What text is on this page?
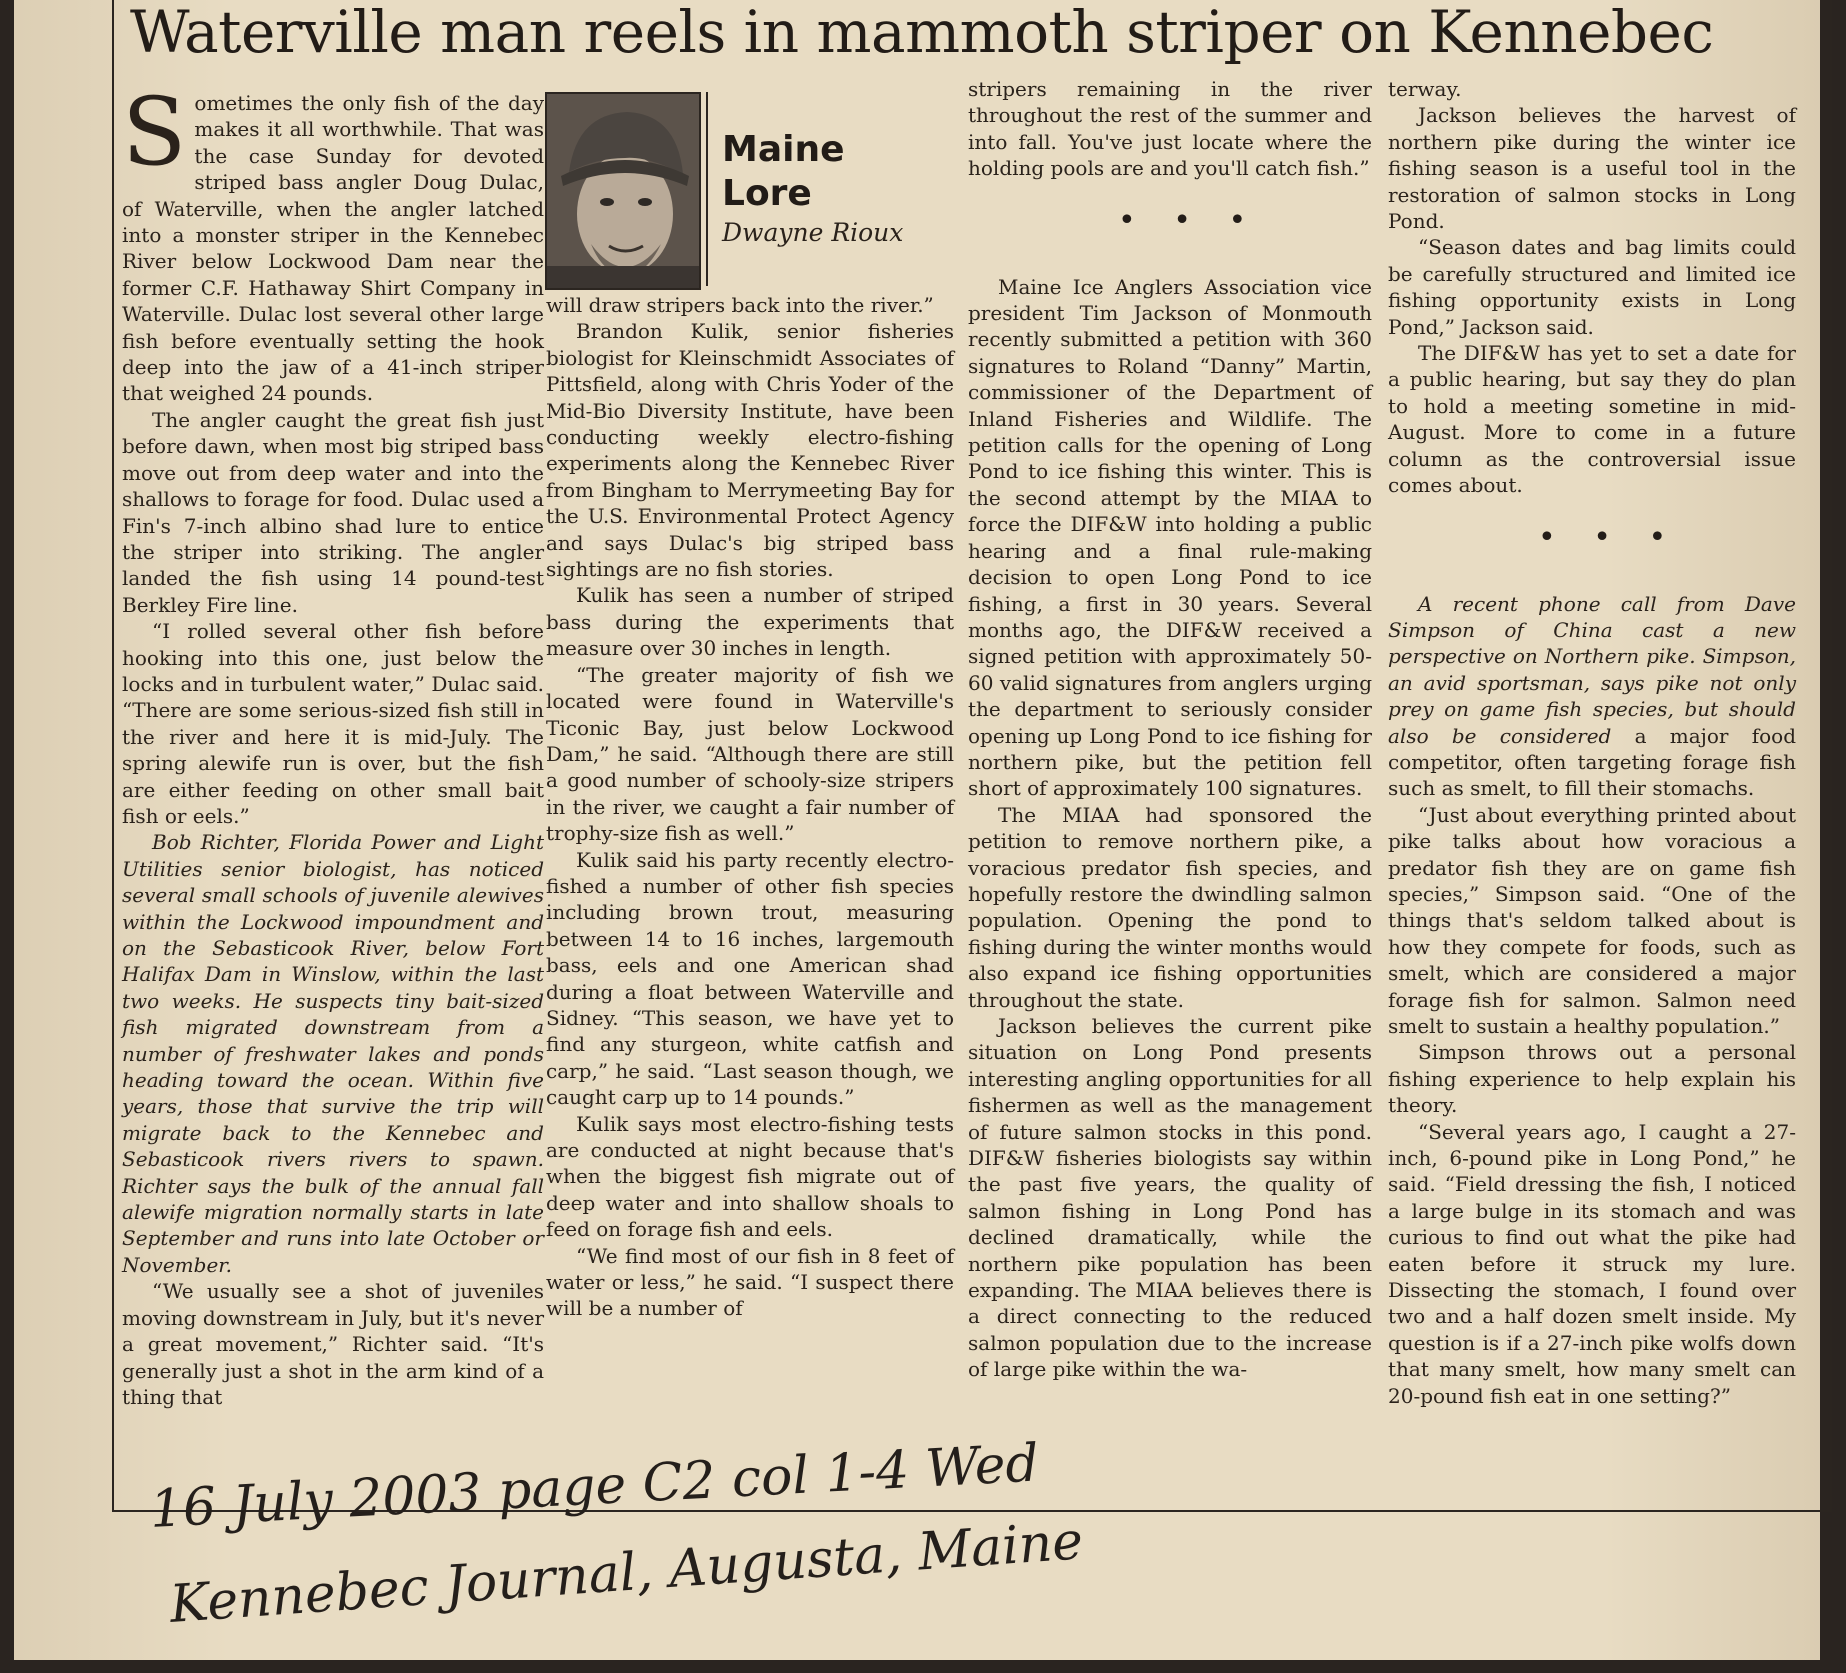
Waterville man reels in mammoth striper on Kennebec

Sometimes the only fish of the day makes it all worthwhile. That was the case Sunday for devoted striped bass angler Doug Dulac, of Waterville, when the angler latched into a monster striper in the Kennebec River below Lockwood Dam near the former C.F. Hathaway Shirt Company in Waterville. Dulac lost several other large fish before eventually setting the hook deep into the jaw of a 41-inch striper that weighed 24 pounds.

The angler caught the great fish just before dawn, when most big striped bass move out from deep water and into the shallows to forage for food. Dulac used a Fin's 7-inch albino shad lure to entice the striper into striking. The angler landed the fish using 14 pound-test Berkley Fire line.

“I rolled several other fish before hooking into this one, just below the locks and in turbulent water,” Dulac said. “There are some serious-sized fish still in the river and here it is mid-July. The spring alewife run is over, but the fish are either feeding on other small bait fish or eels.”

Bob Richter, Florida Power and Light Utilities senior biologist, has noticed several small schools of juvenile alewives within the Lockwood impoundment and on the Sebasticook River, below Fort Halifax Dam in Winslow, within the last two weeks. He suspects tiny bait-sized fish migrated downstream from a number of freshwater lakes and ponds heading toward the ocean. Within five years, those that survive the trip will migrate back to the Kennebec and Sebasticook rivers rivers to spawn. Richter says the bulk of the annual fall alewife migration normally starts in late September and runs into late October or November.

“We usually see a shot of juveniles moving downstream in July, but it's never a great movement,” Richter said. “It's generally just a shot in the arm kind of a thing that

Maine
Lore
Dwayne Rioux

will draw stripers back into the river.”

Brandon Kulik, senior fisheries biologist for Kleinschmidt Associates of Pittsfield, along with Chris Yoder of the Mid-Bio Diversity Institute, have been conducting weekly electro-fishing experiments along the Kennebec River from Bingham to Merrymeeting Bay for the U.S. Environmental Protect Agency and says Dulac's big striped bass sightings are no fish stories.

Kulik has seen a number of striped bass during the experiments that measure over 30 inches in length.

“The greater majority of fish we located were found in Waterville's Ticonic Bay, just below Lockwood Dam,” he said. “Although there are still a good number of schooly-size stripers in the river, we caught a fair number of trophy-size fish as well.”

Kulik said his party recently electro-fished a number of other fish species including brown trout, measuring between 14 to 16 inches, largemouth bass, eels and one American shad during a float between Waterville and Sidney. “This season, we have yet to find any sturgeon, white catfish and carp,” he said. “Last season though, we caught carp up to 14 pounds.”

Kulik says most electro-fishing tests are conducted at night because that's when the biggest fish migrate out of deep water and into shallow shoals to feed on forage fish and eels.

“We find most of our fish in 8 feet of water or less,” he said. “I suspect there will be a number of

stripers remaining in the river throughout the rest of the summer and into fall. You've just locate where the holding pools are and you'll catch fish.”

• • •

Maine Ice Anglers Association vice president Tim Jackson of Monmouth recently submitted a petition with 360 signatures to Roland “Danny” Martin, commissioner of the Department of Inland Fisheries and Wildlife. The petition calls for the opening of Long Pond to ice fishing this winter. This is the second attempt by the MIAA to force the DIF&W into holding a public hearing and a final rule-making decision to open Long Pond to ice fishing, a first in 30 years. Several months ago, the DIF&W received a signed petition with approximately 50-60 valid signatures from anglers urging the department to seriously consider opening up Long Pond to ice fishing for northern pike, but the petition fell short of approximately 100 signatures.

The MIAA had sponsored the petition to remove northern pike, a voracious predator fish species, and hopefully restore the dwindling salmon population. Opening the pond to fishing during the winter months would also expand ice fishing opportunities throughout the state.

Jackson believes the current pike situation on Long Pond presents interesting angling opportunities for all fishermen as well as the management of future salmon stocks in this pond. DIF&W fisheries biologists say within the past five years, the quality of salmon fishing in Long Pond has declined dramatically, while the northern pike population has been expanding. The MIAA believes there is a direct connecting to the reduced salmon population due to the increase of large pike within the wa-

terway.

Jackson believes the harvest of northern pike during the winter ice fishing season is a useful tool in the restoration of salmon stocks in Long Pond.

“Season dates and bag limits could be carefully structured and limited ice fishing opportunity exists in Long Pond,” Jackson said.

The DIF&W has yet to set a date for a public hearing, but say they do plan to hold a meeting sometine in mid-August. More to come in a future column as the controversial issue comes about.

• • •

A recent phone call from Dave Simpson of China cast a new perspective on Northern pike. Simpson, an avid sportsman, says pike not only prey on game fish species, but should also be considered a major food competitor, often targeting forage fish such as smelt, to fill their stomachs.

“Just about everything printed about pike talks about how voracious a predator fish they are on game fish species,” Simpson said. “One of the things that's seldom talked about is how they compete for foods, such as smelt, which are considered a major forage fish for salmon. Salmon need smelt to sustain a healthy population.”

Simpson throws out a personal fishing experience to help explain his theory.

“Several years ago, I caught a 27-inch, 6-pound pike in Long Pond,” he said. “Field dressing the fish, I noticed a large bulge in its stomach and was curious to find out what the pike had eaten before it struck my lure. Dissecting the stomach, I found over two and a half dozen smelt inside. My question is if a 27-inch pike wolfs down that many smelt, how many smelt can 20-pound fish eat in one setting?”

16 July 2003 page C2 col 1-4 Wed
Kennebec Journal, Augusta, Maine
